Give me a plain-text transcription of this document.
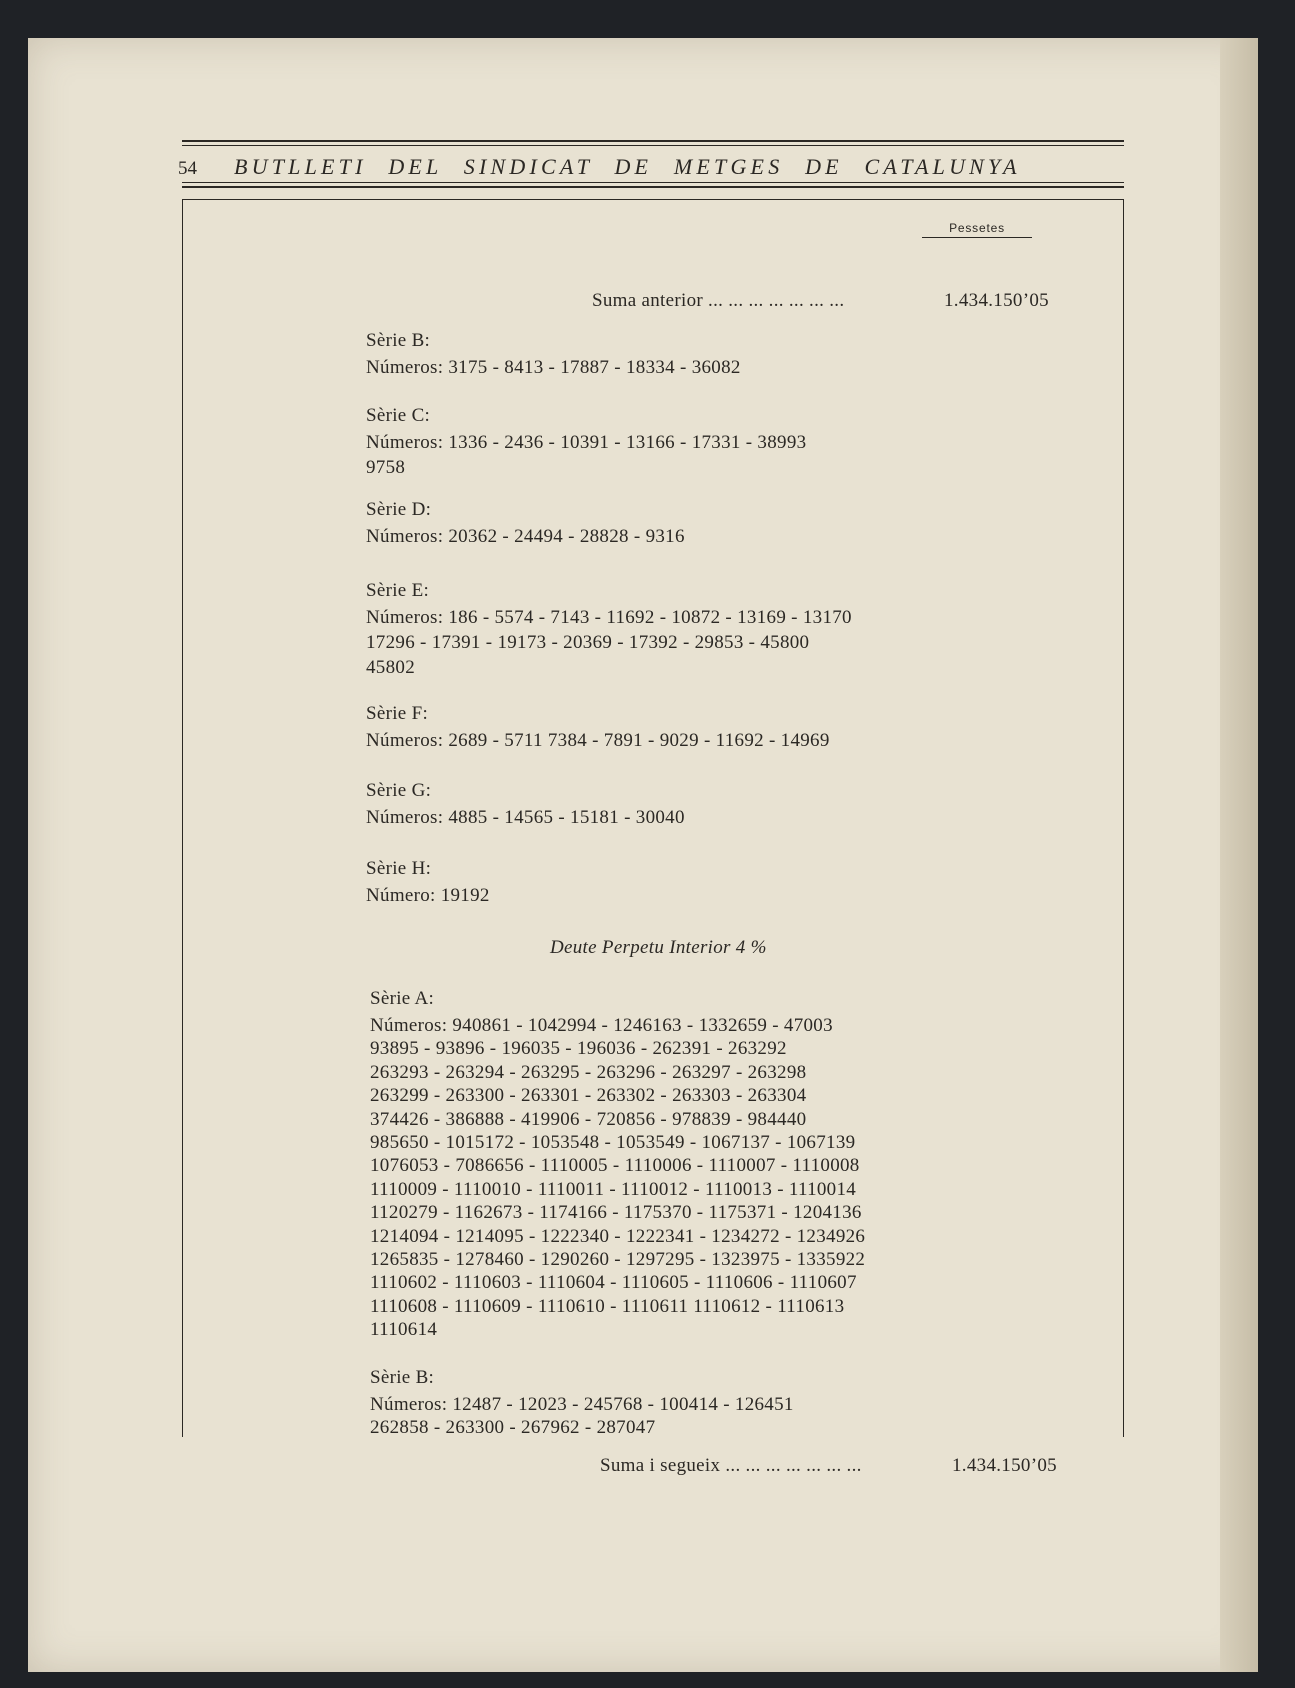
54	BUTLLETI DEL SINDICAT DE METGES DE CATALUNYA
Pessetes
Suma anterior ... ... ... ... ... ... ...	1.434.150’05
Sèrie B:
Números: 3175 - 8413 - 17887 - 18334 - 36082
Sèrie C:
Números: 1336 - 2436 - 10391 - 13166 - 17331 - 38993
9758
Sèrie D:
Números: 20362 - 24494 - 28828 - 9316
Sèrie E:
Números: 186 - 5574 - 7143 - 11692 - 10872 - 13169 - 13170
17296 - 17391 - 19173 - 20369 - 17392 - 29853 - 45800
45802
Sèrie F:
Números: 2689 - 5711 7384 - 7891 - 9029 - 11692 - 14969
Sèrie G:
Números: 4885 - 14565 - 15181 - 30040
Sèrie H:
Número: 19192
Deute Perpetu Interior 4 %
Sèrie A:
Números: 940861 - 1042994 - 1246163 - 1332659 - 47003
93895 - 93896 - 196035 - 196036 - 262391 - 263292
263293 - 263294 - 263295 - 263296 - 263297 - 263298
263299 - 263300 - 263301 - 263302 - 263303 - 263304
374426 - 386888 - 419906 - 720856 - 978839 - 984440
985650 - 1015172 - 1053548 - 1053549 - 1067137 - 1067139
1076053 - 7086656 - 1110005 - 1110006 - 1110007 - 1110008
1110009 - 1110010 - 1110011 - 1110012 - 1110013 - 1110014
1120279 - 1162673 - 1174166 - 1175370 - 1175371 - 1204136
1214094 - 1214095 - 1222340 - 1222341 - 1234272 - 1234926
1265835 - 1278460 - 1290260 - 1297295 - 1323975 - 1335922
1110602 - 1110603 - 1110604 - 1110605 - 1110606 - 1110607
1110608 - 1110609 - 1110610 - 1110611 1110612 - 1110613
1110614
Sèrie B:
Números: 12487 - 12023 - 245768 - 100414 - 126451
262858 - 263300 - 267962 - 287047
Suma i segueix ... ... ... ... ... ... ...	1.434.150’05
